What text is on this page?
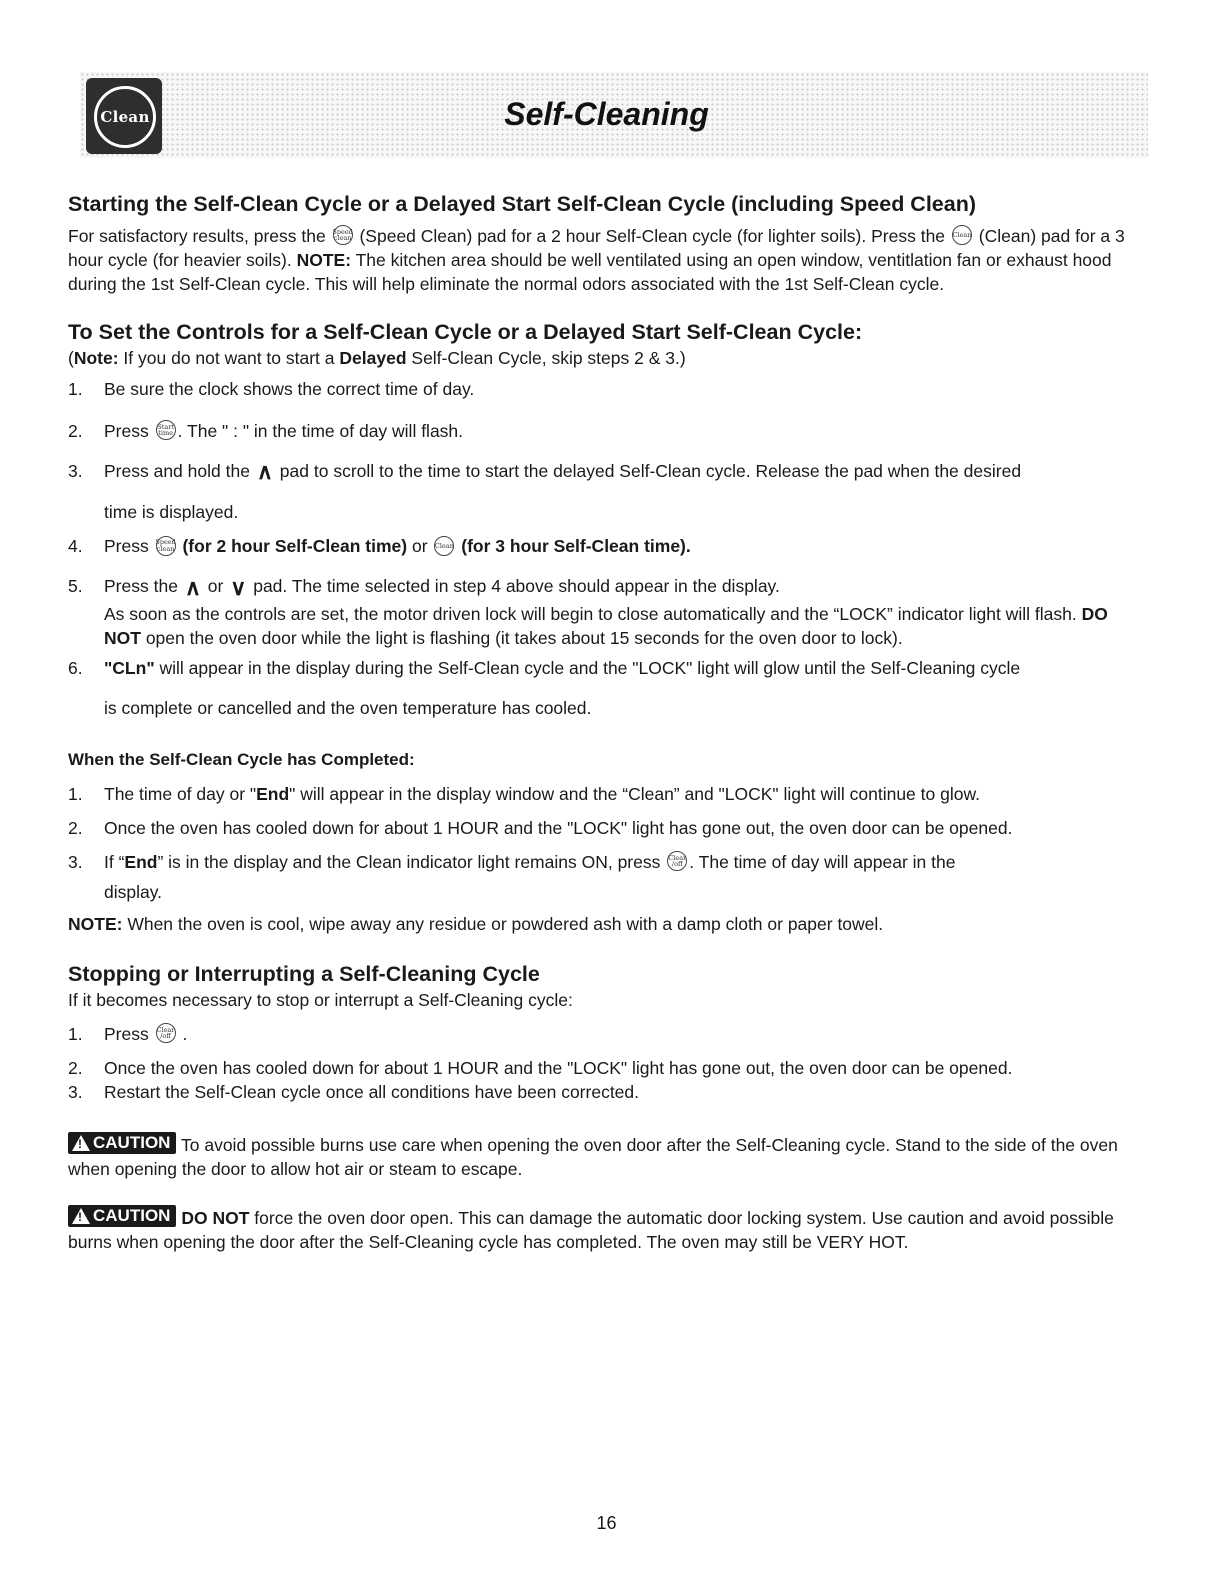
Clean	Self-Cleaning
Starting the Self-Clean Cycle or a Delayed Start Self-Clean Cycle (including Speed Clean)

For satisfactory results, press the Speed
clean (Speed Clean) pad for a 2 hour Self-Clean cycle (for lighter soils). Press the Clean (Clean) pad for a 3 hour cycle (for heavier soils). NOTE: The kitchen area should be well ventilated using an open window, ventitlation fan or exhaust hood during the 1st Self-Clean cycle. This will help eliminate the normal odors associated with the 1st Self-Clean cycle.

To Set the Controls for a Self-Clean Cycle or a Delayed Start Self-Clean Cycle:

(Note: If you do not want to start a Delayed Self-Clean Cycle, skip steps 2 & 3.)

1. Be sure the clock shows the correct time of day.
2. Press Start
time . The " : " in the time of day will flash.
3. Press and hold the ∧ pad to scroll to the time to start the delayed Self-Clean cycle. Release the pad when the desired
time is displayed.
4. Press Speed
clean (for 2 hour Self-Clean time) or Clean (for 3 hour Self-Clean time).
5. Press the ∧ or ∨ pad. The time selected in step 4 above should appear in the display.
As soon as the controls are set, the motor driven lock will begin to close automatically and the “LOCK” indicator light will flash. DO NOT open the oven door while the light is flashing (it takes about 15 seconds for the oven door to lock).
6. "CLn" will appear in the display during the Self-Clean cycle and the "LOCK" light will glow until the Self-Cleaning cycle
is complete or cancelled and the oven temperature has cooled.
When the Self-Clean Cycle has Completed:
1. The time of day or "End" will appear in the display window and the “Clean” and "LOCK" light will continue to glow.
2. Once the oven has cooled down for about 1 HOUR and the "LOCK" light has gone out, the oven door can be opened.
3. If “End” is in the display and the Clean indicator light remains ON, press Clear
/off . The time of day will appear in the
display.

NOTE: When the oven is cool, wipe away any residue or powdered ash with a damp cloth or paper towel.

Stopping or Interrupting a Self-Cleaning Cycle

If it becomes necessary to stop or interrupt a Self-Cleaning cycle:

1. Press Clear
/off .
2. Once the oven has cooled down for about 1 HOUR and the "LOCK" light has gone out, the oven door can be opened.
3. Restart the Self-Clean cycle once all conditions have been corrected.

!
CAUTION To avoid possible burns use care when opening the oven door after the Self-Cleaning cycle. Stand to the side of the oven when opening the door to allow hot air or steam to escape.

!
CAUTION DO NOT force the oven door open. This can damage the automatic door locking system. Use caution and avoid possible burns when opening the door after the Self-Cleaning cycle has completed. The oven may still be VERY HOT.

16
